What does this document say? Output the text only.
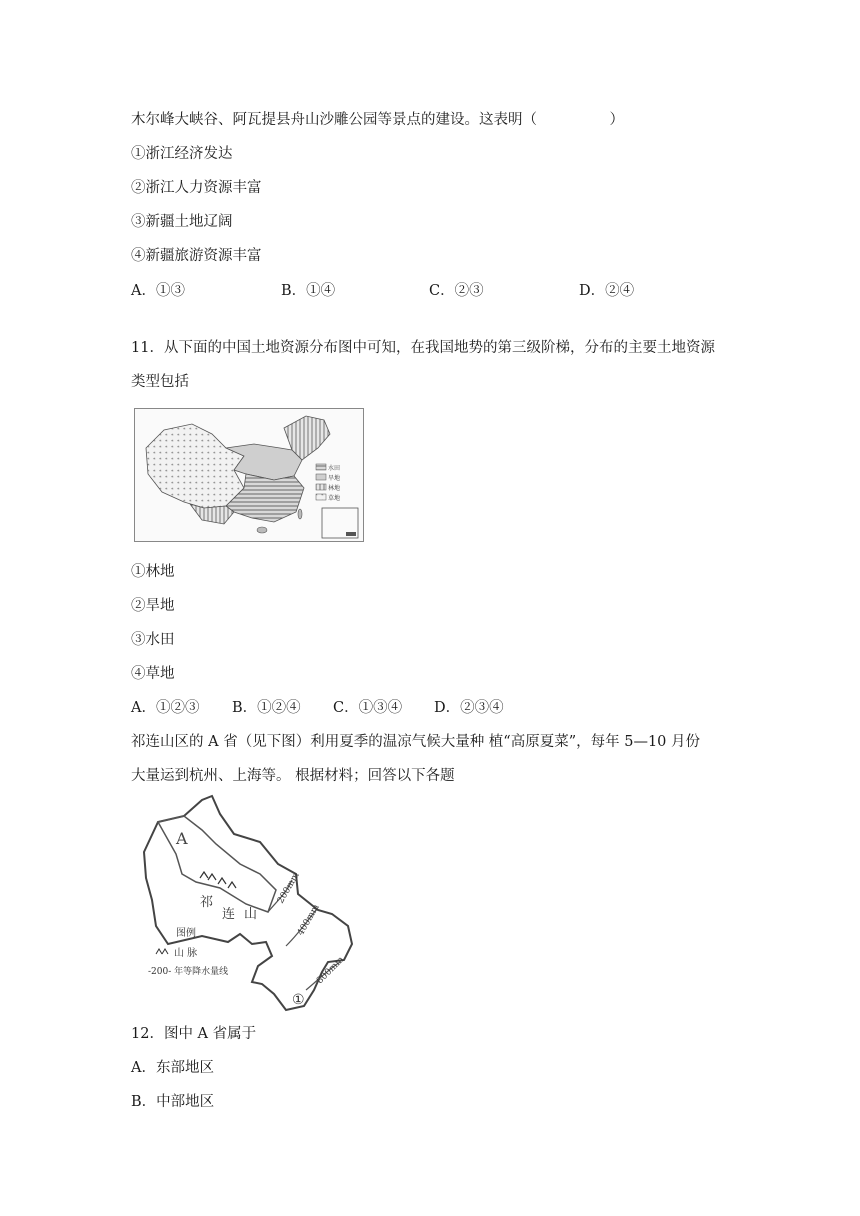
木尔峰大峡谷、阿瓦提县舟山沙雕公园等景点的建设。这表明（　　　　　）
①浙江经济发达
②浙江人力资源丰富
③新疆土地辽阔
④新疆旅游资源丰富
A．①③	B．①④	C．②③	D．②④
11．从下面的中国土地资源分布图中可知，在我国地势的第三级阶梯，分布的主要土地资源
类型包括
水田
旱地
林地
草地
①林地
②旱地
③水田
④草地
A．①②③ B．①②④ C．①③④ D．②③④
祁连山区的 A 省（见下图）利用夏季的温凉气候大量种 植“高原夏菜”，每年 5—10 月份
大量运到杭州、上海等。 根据材料；回答以下各题
A
祁
连 山
200mm
400mm
800mm
①
图例
山 脉
-200- 年等降水量线
12．图中 A 省属于
A．东部地区
B．中部地区
